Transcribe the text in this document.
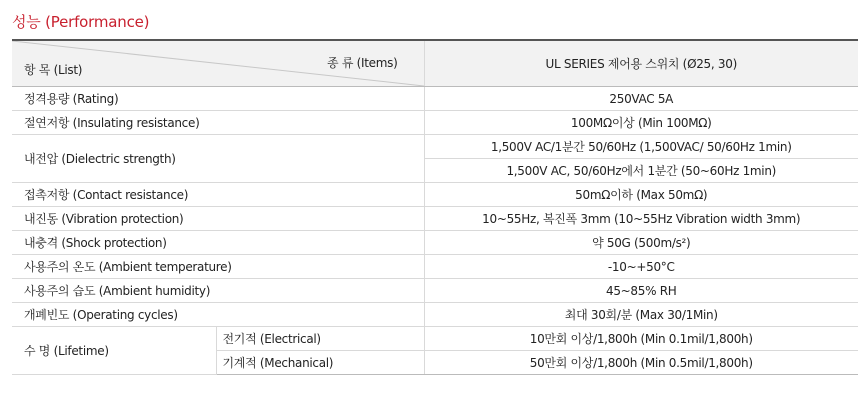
성능 (Performance)
종 류 (Items)
항 목 (List)		UL SERIES 제어용 스위치 (Ø25, 30)
정격용량 (Rating)		250VAC 5A
절연저항 (Insulating resistance)		100MΩ이상 (Min 100MΩ)
내전압 (Dielectric strength)		1,500V AC/1분간 50/60Hz (1,500VAC/ 50/60Hz 1min)
		1,500V AC, 50/60Hz에서 1분간 (50~60Hz 1min)
접촉저항 (Contact resistance)		50mΩ이하 (Max 50mΩ)
내진동 (Vibration protection)		10~55Hz, 복진폭 3mm (10~55Hz Vibration width 3mm)
내충격 (Shock protection)		약 50G (500m/s²)
사용주의 온도 (Ambient temperature)		-10~+50°C
사용주의 습도 (Ambient humidity)		45~85% RH
개폐빈도 (Operating cycles)		최대 30회/분 (Max 30/1Min)
수 명 (Lifetime)	전기적 (Electrical)	10만회 이상/1,800h (Min 0.1mil/1,800h)
	기계적 (Mechanical)	50만회 이상/1,800h (Min 0.5mil/1,800h)
